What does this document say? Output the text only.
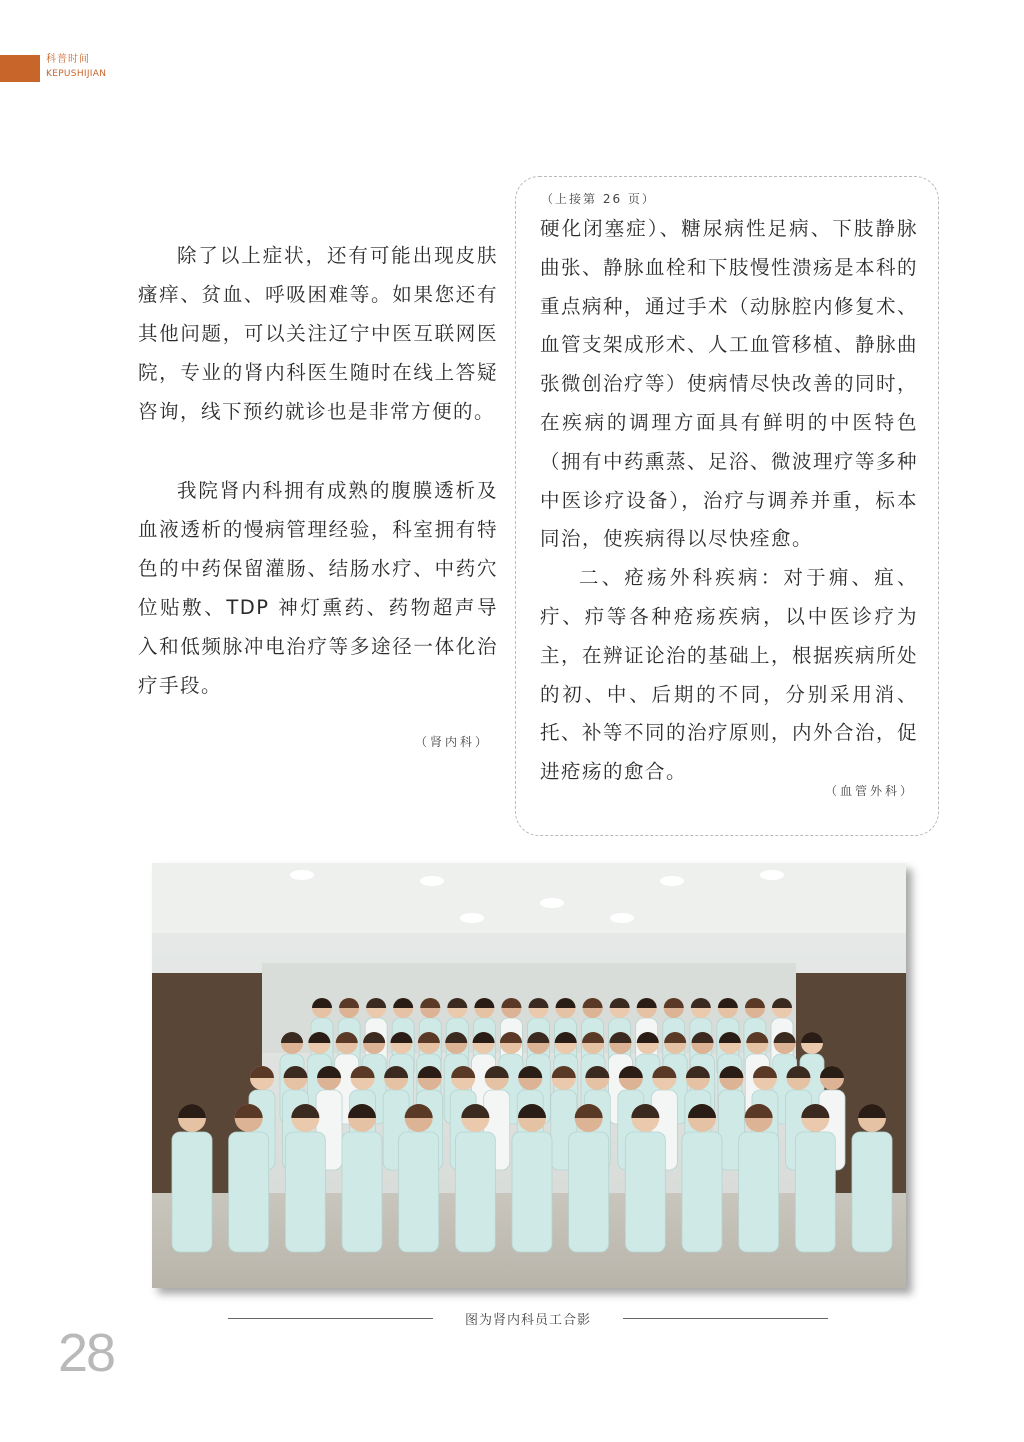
科普时间
KEPUSHIJIAN

除了以上症状，还有可能出现皮肤瘙痒、贫血、呼吸困难等。如果您还有其他问题，可以关注辽宁中医互联网医院，专业的肾内科医生随时在线上答疑咨询，线下预约就诊也是非常方便的。

我院肾内科拥有成熟的腹膜透析及血液透析的慢病管理经验，科室拥有特色的中药保留灌肠、结肠水疗、中药穴位贴敷、TDP 神灯熏药、药物超声导入和低频脉冲电治疗等多途径一体化治疗手段。

（肾内科）
（上接第 26 页）

硬化闭塞症）、糖尿病性足病、下肢静脉曲张、静脉血栓和下肢慢性溃疡是本科的重点病种，通过手术（动脉腔内修复术、血管支架成形术、人工血管移植、静脉曲张微创治疗等）使病情尽快改善的同时，在疾病的调理方面具有鲜明的中医特色（拥有中药熏蒸、足浴、微波理疗等多种中医诊疗设备），治疗与调养并重，标本同治，使疾病得以尽快痊愈。

二、疮疡外科疾病：对于痈、疽、疔、疖等各种疮疡疾病，以中医诊疗为主，在辨证论治的基础上，根据疾病所处的初、中、后期的不同，分别采用消、托、补等不同的治疗原则，内外合治，促进疮疡的愈合。

（血管外科）
图为肾内科员工合影
28
